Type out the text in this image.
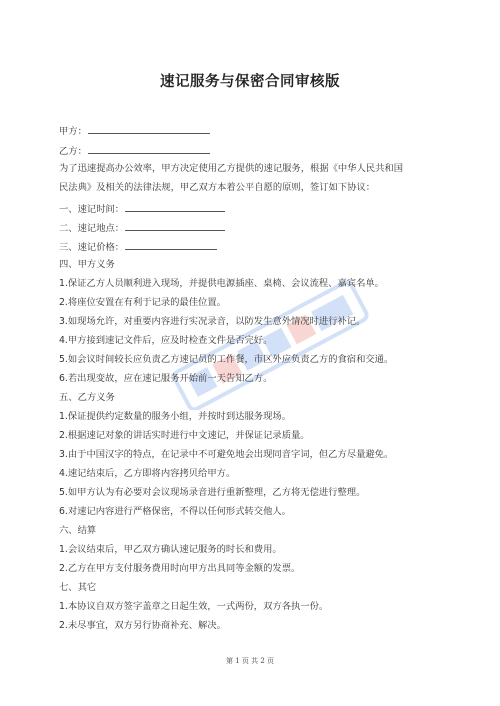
速记服务与保密合同审核版
甲方：
乙方：
为了迅速提高办公效率，甲方决定使用乙方提供的速记服务，根据《中华人民共和国
民法典》及相关的法律法规，甲乙双方本着公平自愿的原则，签订如下协议：
一、速记时间：
二、速记地点：
三、速记价格：
四、甲方义务
1.保证乙方人员顺利进入现场，并提供电源插座、桌椅、会议流程、嘉宾名单。
2.将座位安置在有利于记录的最佳位置。
3.如现场允许，对重要内容进行实况录音，以防发生意外情况时进行补记。
4.甲方接到速记文件后，应及时检查文件是否完好。
5.如会议时间较长应负责乙方速记员的工作餐，市区外应负责乙方的食宿和交通。
6.若出现变故，应在速记服务开始前一天告知乙方。
五、乙方义务
1.保证提供约定数量的服务小组，并按时到达服务现场。
2.根据速记对象的讲话实时进行中文速记，并保证记录质量。
3.由于中国汉字的特点，在记录中不可避免地会出现同音字词，但乙方尽量避免。
4.速记结束后，乙方即将内容拷贝给甲方。
5.如甲方认为有必要对会议现场录音进行重新整理，乙方将无偿进行整理。
6.对速记内容进行严格保密，不得以任何形式转交他人。
六、结算
1.会议结束后，甲乙双方确认速记服务的时长和费用。
2.乙方在甲方支付服务费用时向甲方出具同等金额的发票。
七、其它
1.本协议自双方签字盖章之日起生效，一式两份，双方各执一份。
2.未尽事宜，双方另行协商补充、解决。
第 1 页 共 2 页
